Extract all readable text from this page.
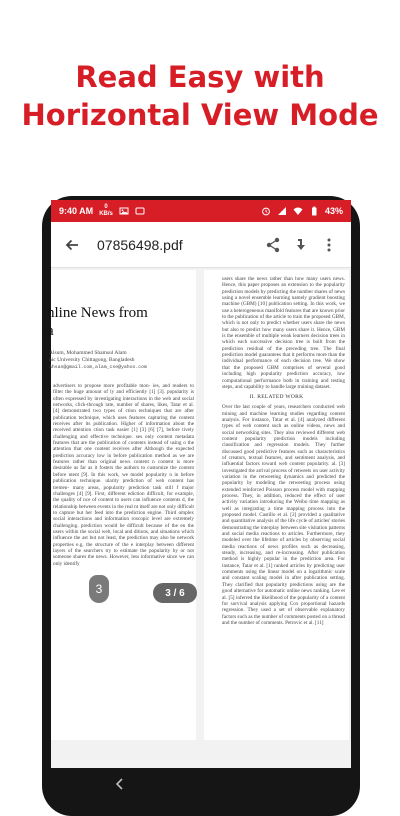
Read Easy with
Horizontal View Mode
9:40 AM	0
KB/s	43%
07856498.pdf
nline News from
a
Alsum, Mohammed Shamsul Alam
nic University Chittagong, Bangladesh
ahsan@gmail.com,alam_cse@yahoo.com
advertisers to propose more profitable mon- ies, and readers to filter the huge amount of ly and efficiently [1] [3]. popularity is often expressed by investigating interactions in the web and social networks, click-through rate, number of shares, likes, Tatar et al. [4] demonstrated two types of ction techniques that are after publication technique, which uses features capturing the content receives after its publication. Higher of information about the received attention ction task easier [1] [3] [6] [7], before tively challenging and effective technique. ses only content metadata features that are the publication of contents instead of using o the attention that one content receives after Although the expected prediction accuracy low in before publication method as we are features rather than original news content n content is more desirable as far as it fosters the authors to customize the content before ntent [9]. In this work, we model popularity n in before publication technique. ularity prediction of web content has tremen- many areas, popularity prediction task still f major challenges [4] [9]. First, different ediction difficult, for example, the quality of nce of content to users can influence contents d, the relationship between events in the real nt itself are not only difficult to capture but her feed into the prediction engine. Third omplex social interactions and information roscopic level are extremely challenging. prediction would be difficult because of the en the users within the social web, local and ditions, and situations which influence the ast but not least, the prediction may also be network properties e.g. the structure of the e interplay between different layers of the searchers try to estimate the popularity by or not someone shares the news. However, less informative since we can only identify
users share the news rather than how many users news. Hence, this paper proposes an extension to the popularity prediction models by predicting the number shares of news using a novel ensemble learning namely gradient boosting machine (GBM) [10] publication setting. In this work, we use a heterogeneous manifold features that are known prior to the publication of the article to train the proposed GBM, which is not only to predict whether users share the news but also to predict how many users share it. Hence, GBM is the ensemble of multiple weak learners decision trees in which each successive decision tree is built from the prediction residual of the preceding tree. The final prediction model guarantees that it performs more than the individual performance of each decision tree. We show that the proposed GBM comprises of several good including high popularity prediction accuracy, low computational performance both in training and testing steps, and capability to handle large training dataset.
II. RELATED WORK
Over the last couple of years, researchers conducted web mining and machine learning studies regarding content analysis. For instance, Tatar et al. [4] analyzed different types of web content such as online videos, news and social networking sites. They also reviewed different web content popularity prediction models including classification and regression models. They further discussed good predictive features such as characteristics of creators, textual features, and sentiment analysis, and influential factors toward web content popularity. al. [3] investigated the arrival process of retweets on user activity variation in the retweeting dynamics and predicted the popularity by modeling the retweeting process using extended reinforced Poisson process model with mapping process. They, in addition, reduced the effect of user activity variation introducing the Weibo time mapping as well as integrating a time mapping process into the proposed model. Castillo et al. [2] provided a qualitative and quantitative analysis of the life cycle of articles' stories demonstrating the interplay between site visitation patterns and social media reactions to articles. Furthermore, they modeled over the lifetime of articles by observing social media reactions of news profiles such as decreasing, steady, increasing, and re-increasing. After publication method is highly popular in the prediction area. For instance, Tatar et al. [1] ranked articles by predicting user comments using the linear model on a logarithmic scale and constant scaling model in after publication setting. They clarified that popularity predictions using are the good alternative for automatic online news ranking. Lee et al. [5] inferred the likelihood of the popularity of a content for survival analysis applying Cox proportional hazards regression. They used a set of observable explanatory factors such as the number of comments posted on a thread and the number of comments. Petrovic et al. [11]
3	3 / 6
